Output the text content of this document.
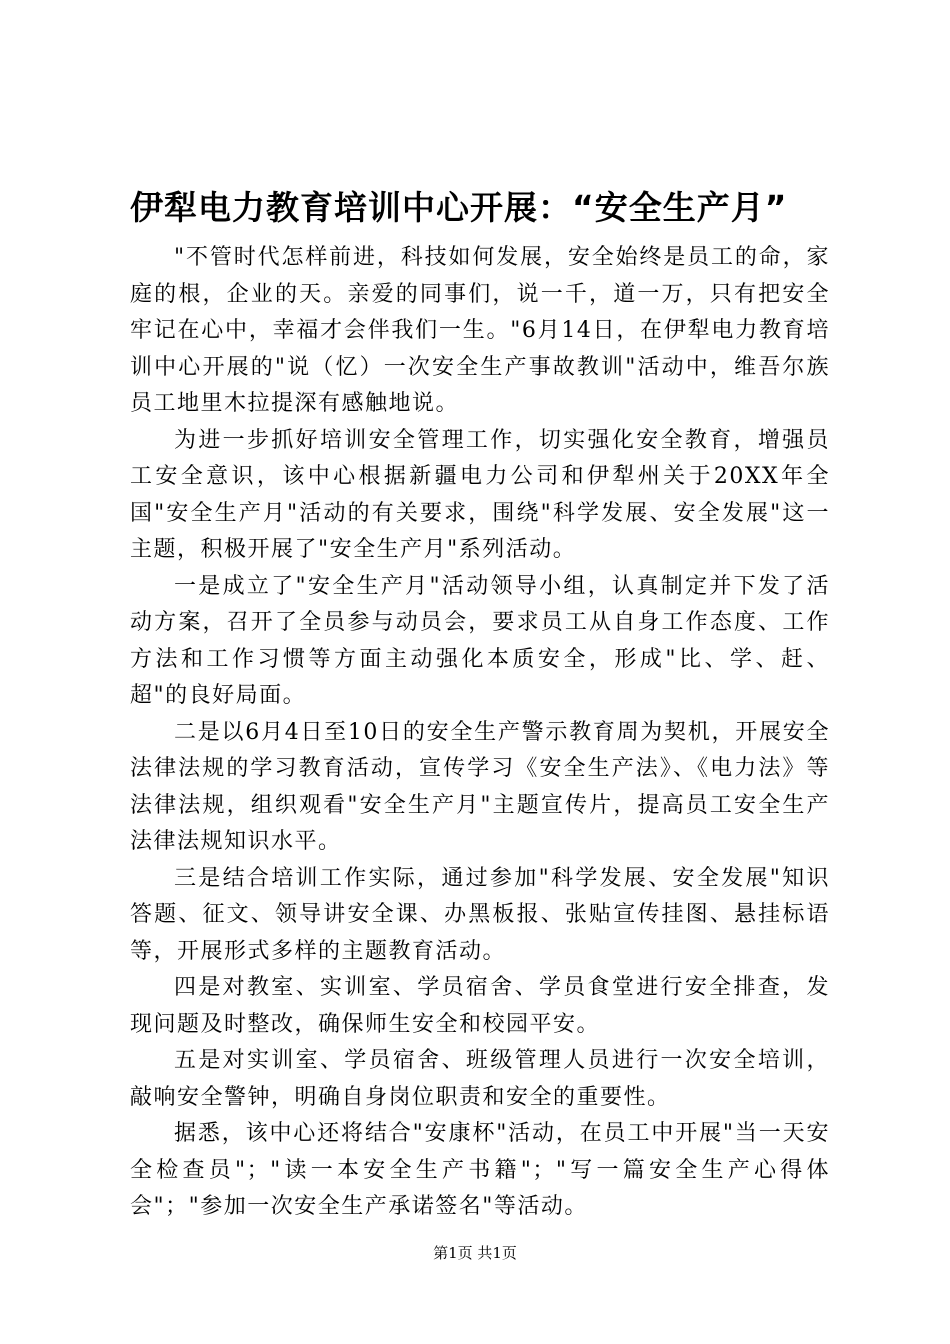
伊犁电力教育培训中心开展：“安全生产月”

"不管时代怎样前进，科技如何发展，安全始终是员工的命，家庭的根，企业的天。亲爱的同事们，说一千，道一万，只有把安全牢记在心中，幸福才会伴我们一生。"6月14日，在伊犁电力教育培训中心开展的"说（忆）一次安全生产事故教训"活动中，维吾尔族员工地里木拉提深有感触地说。

为进一步抓好培训安全管理工作，切实强化安全教育，增强员工安全意识，该中心根据新疆电力公司和伊犁州关于20XX年全国"安全生产月"活动的有关要求，围绕"科学发展、安全发展"这一主题，积极开展了"安全生产月"系列活动。

一是成立了"安全生产月"活动领导小组，认真制定并下发了活动方案，召开了全员参与动员会，要求员工从自身工作态度、工作方法和工作习惯等方面主动强化本质安全，形成"比、学、赶、超"的良好局面。

二是以6月4日至10日的安全生产警示教育周为契机，开展安全法律法规的学习教育活动，宣传学习《安全生产法》、《电力法》等法律法规，组织观看"安全生产月"主题宣传片，提高员工安全生产法律法规知识水平。

三是结合培训工作实际，通过参加"科学发展、安全发展"知识答题、征文、领导讲安全课、办黑板报、张贴宣传挂图、悬挂标语等，开展形式多样的主题教育活动。

四是对教室、实训室、学员宿舍、学员食堂进行安全排查，发现问题及时整改，确保师生安全和校园平安。

五是对实训室、学员宿舍、班级管理人员进行一次安全培训，敲响安全警钟，明确自身岗位职责和安全的重要性。

据悉，该中心还将结合"安康杯"活动，在员工中开展"当一天安全检查员"；"读一本安全生产书籍"；"写一篇安全生产心得体会"；"参加一次安全生产承诺签名"等活动。

第1页 共1页
